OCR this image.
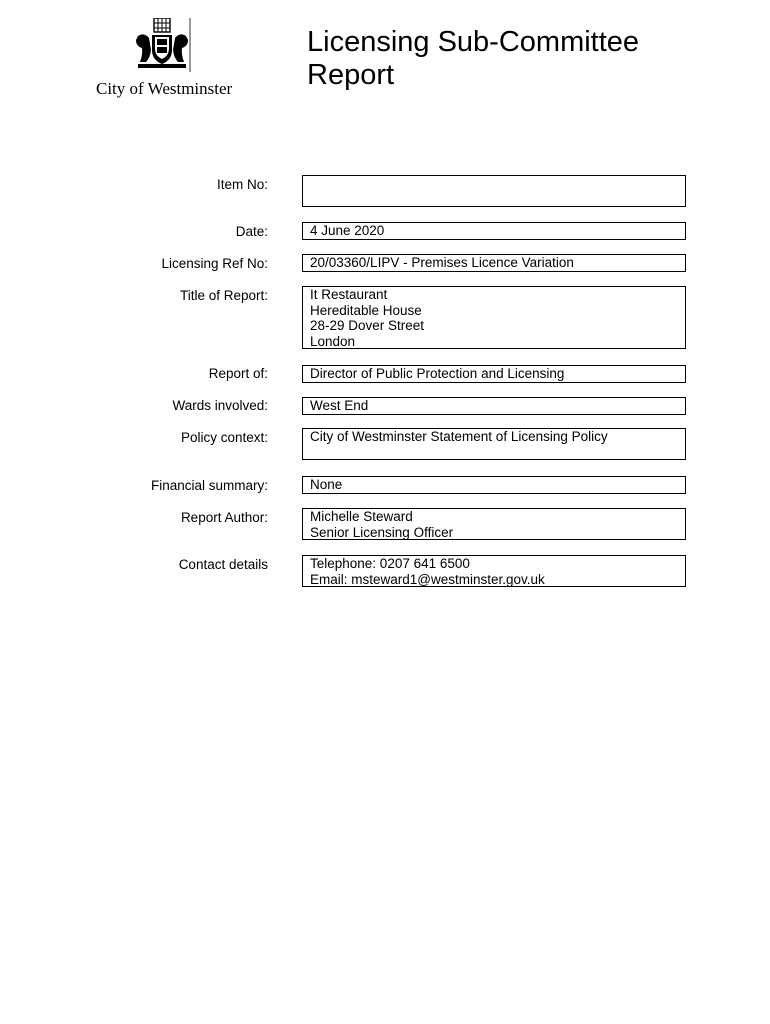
City of Westminster
Licensing Sub-Committee
Report
Item No:
Date:	4 June 2020
Licensing Ref No:	20/03360/LIPV - Premises Licence Variation
Title of Report:	It Restaurant
Hereditable House
28-29 Dover Street
London
Report of:	Director of Public Protection and Licensing
Wards involved:	West End
Policy context:	City of Westminster Statement of Licensing Policy
Financial summary:	None
Report Author:	Michelle Steward
Senior Licensing Officer
Contact details	Telephone: 0207 641 6500
Email: msteward1@westminster.gov.uk
